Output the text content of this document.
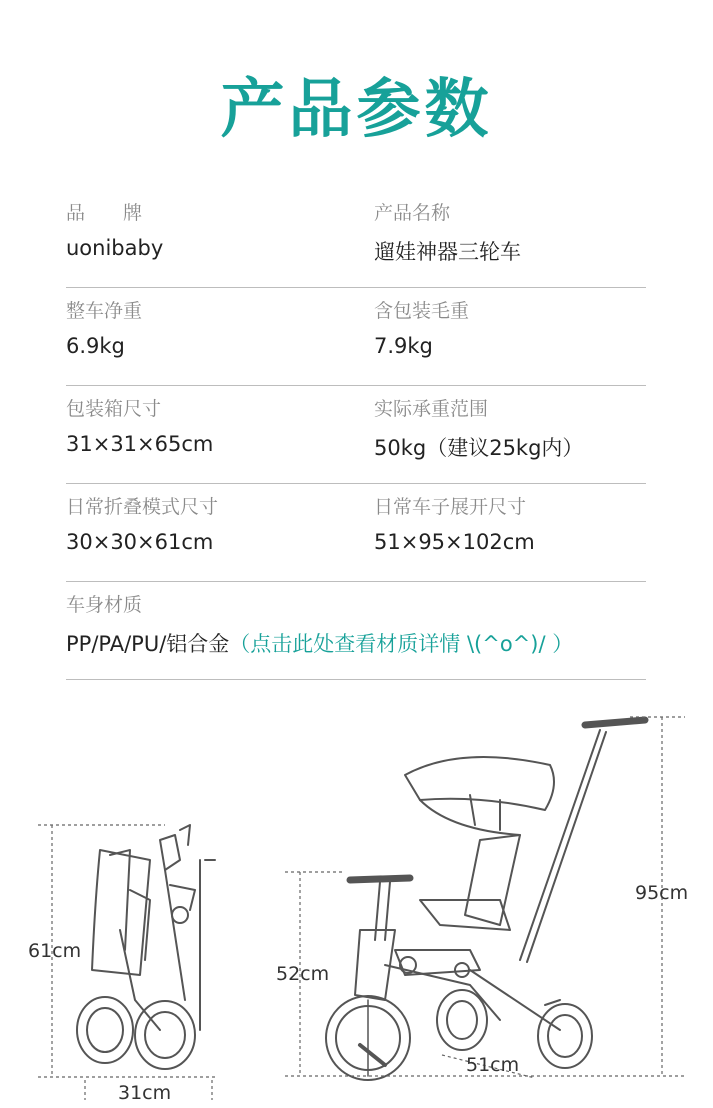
产品参数
品　　牌
uonibaby
产品名称
遛娃神器三轮车
整车净重
6.9kg
含包装毛重
7.9kg
包装箱尺寸
31×31×65cm
实际承重范围
50kg（建议25kg内）
日常折叠模式尺寸
30×30×61cm
日常车子展开尺寸
51×95×102cm
车身材质
PP/PA/PU/铝合金（点击此处查看材质详情 \(^o^)/ ）
61cm
31cm
52cm
95cm
51cm
